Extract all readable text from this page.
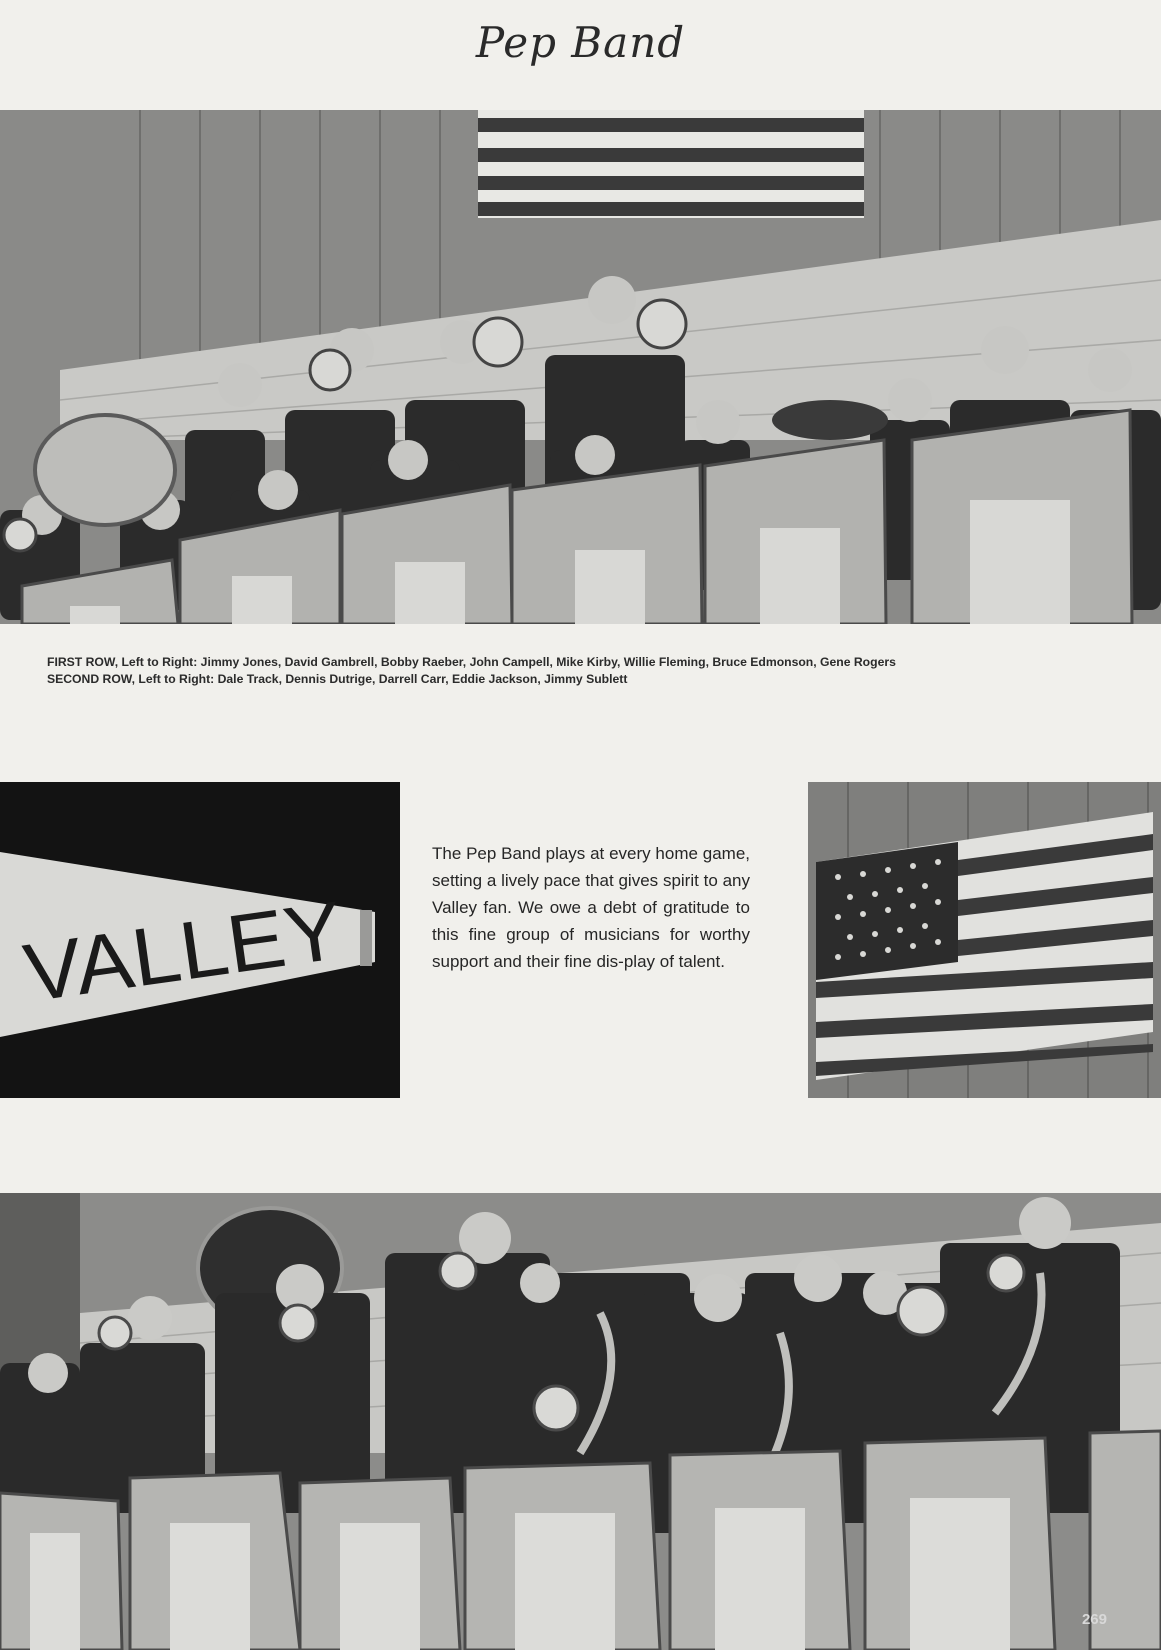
Pep Band
FIRST ROW, Left to Right: Jimmy Jones, David Gambrell, Bobby Raeber, John Campell, Mike Kirby, Willie Fleming, Bruce Edmonson, Gene Rogers
SECOND ROW, Left to Right: Dale Track, Dennis Dutrige, Darrell Carr, Eddie Jackson, Jimmy Sublett
VALLEY
The Pep Band plays at every home game, setting a lively pace that gives spirit to any Valley fan. We owe a debt of gratitude to this fine group of musicians for worthy support and their fine dis-play of talent.
269
